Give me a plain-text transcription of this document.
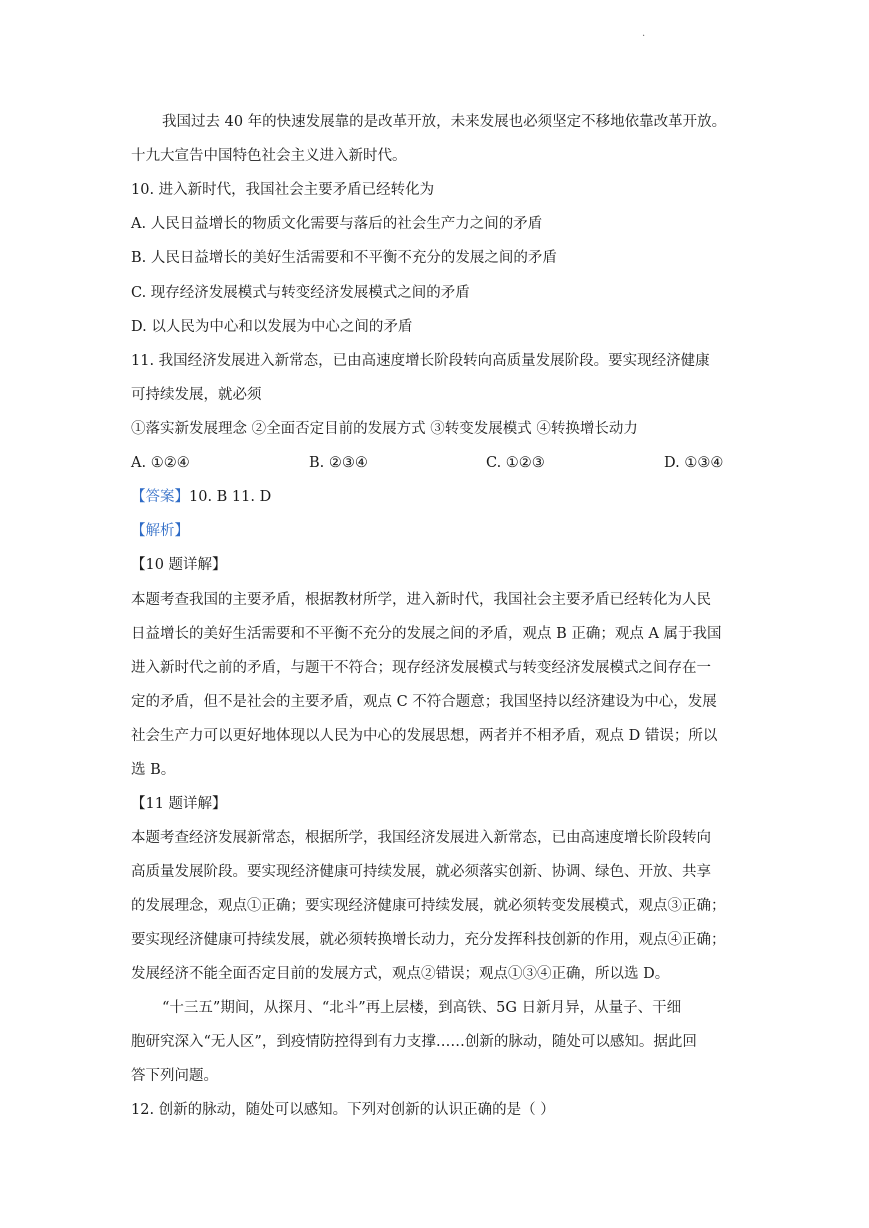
.
我国过去 40 年的快速发展靠的是改革开放，未来发展也必须坚定不移地依靠改革开放。
十九大宣告中国特色社会主义进入新时代。
10. 进入新时代，我国社会主要矛盾已经转化为
A. 人民日益增长的物质文化需要与落后的社会生产力之间的矛盾
B. 人民日益增长的美好生活需要和不平衡不充分的发展之间的矛盾
C. 现存经济发展模式与转变经济发展模式之间的矛盾
D. 以人民为中心和以发展为中心之间的矛盾
11. 我国经济发展进入新常态，已由高速度增长阶段转向高质量发展阶段。要实现经济健康
可持续发展，就必须
①落实新发展理念 ②全面否定目前的发展方式 ③转变发展模式 ④转换增长动力
A. ①②④	B. ②③④	C. ①②③	D. ①③④
【答案】10. B 11. D
【解析】
【10 题详解】
本题考查我国的主要矛盾，根据教材所学，进入新时代，我国社会主要矛盾已经转化为人民
日益增长的美好生活需要和不平衡不充分的发展之间的矛盾，观点 B 正确；观点 A 属于我国
进入新时代之前的矛盾，与题干不符合；现存经济发展模式与转变经济发展模式之间存在一
定的矛盾，但不是社会的主要矛盾，观点 C 不符合题意；我国坚持以经济建设为中心，发展
社会生产力可以更好地体现以人民为中心的发展思想，两者并不相矛盾，观点 D 错误；所以
选 B。
【11 题详解】
本题考查经济发展新常态，根据所学，我国经济发展进入新常态，已由高速度增长阶段转向
高质量发展阶段。要实现经济健康可持续发展，就必须落实创新、协调、绿色、开放、共享
的发展理念，观点①正确；要实现经济健康可持续发展，就必须转变发展模式，观点③正确；
要实现经济健康可持续发展，就必须转换增长动力，充分发挥科技创新的作用，观点④正确；
发展经济不能全面否定目前的发展方式，观点②错误；观点①③④正确，所以选 D。
“十三五”期间，从探月、“北斗”再上层楼，到高铁、5G 日新月异，从量子、干细
胞研究深入“无人区”，到疫情防控得到有力支撑……创新的脉动，随处可以感知。据此回
答下列问题。
12. 创新的脉动，随处可以感知。下列对创新的认识正确的是（ ）
